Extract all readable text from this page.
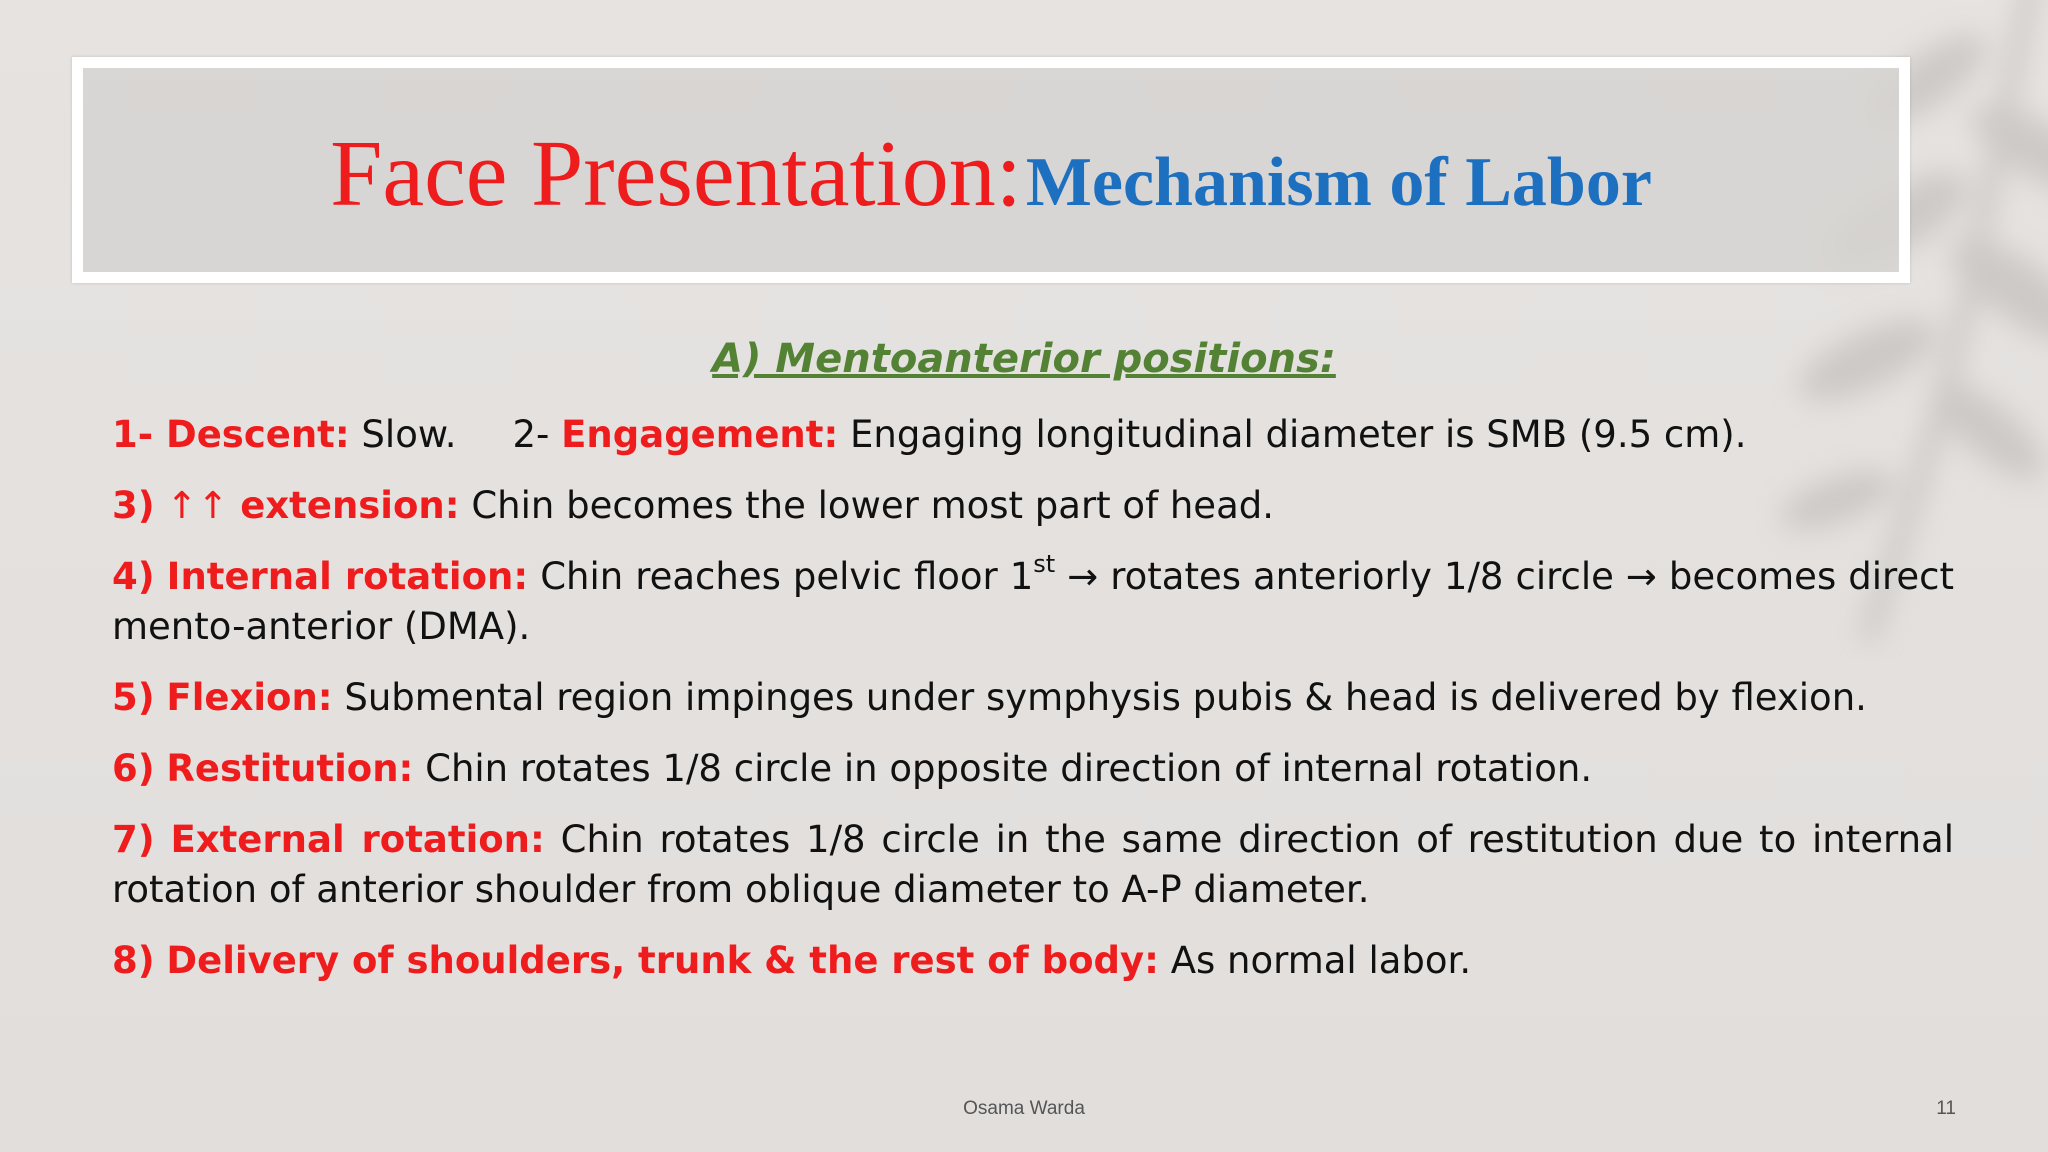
Face Presentation: Mechanism of Labor
A) Mentoanterior positions:

1- Descent: Slow. 2- Engagement: Engaging longitudinal diameter is SMB (9.5 cm).

3) ↑↑ extension: Chin becomes the lower most part of head.

4) Internal rotation: Chin reaches pelvic floor 1st → rotates anteriorly 1/8 circle → becomes direct mento-anterior (DMA).

5) Flexion: Submental region impinges under symphysis pubis & head is delivered by flexion.

6) Restitution: Chin rotates 1/8 circle in opposite direction of internal rotation.

7) External rotation: Chin rotates 1/8 circle in the same direction of restitution due to internal rotation of anterior shoulder from oblique diameter to A-P diameter.

8) Delivery of shoulders, trunk & the rest of body: As normal labor.

Osama Warda	11
